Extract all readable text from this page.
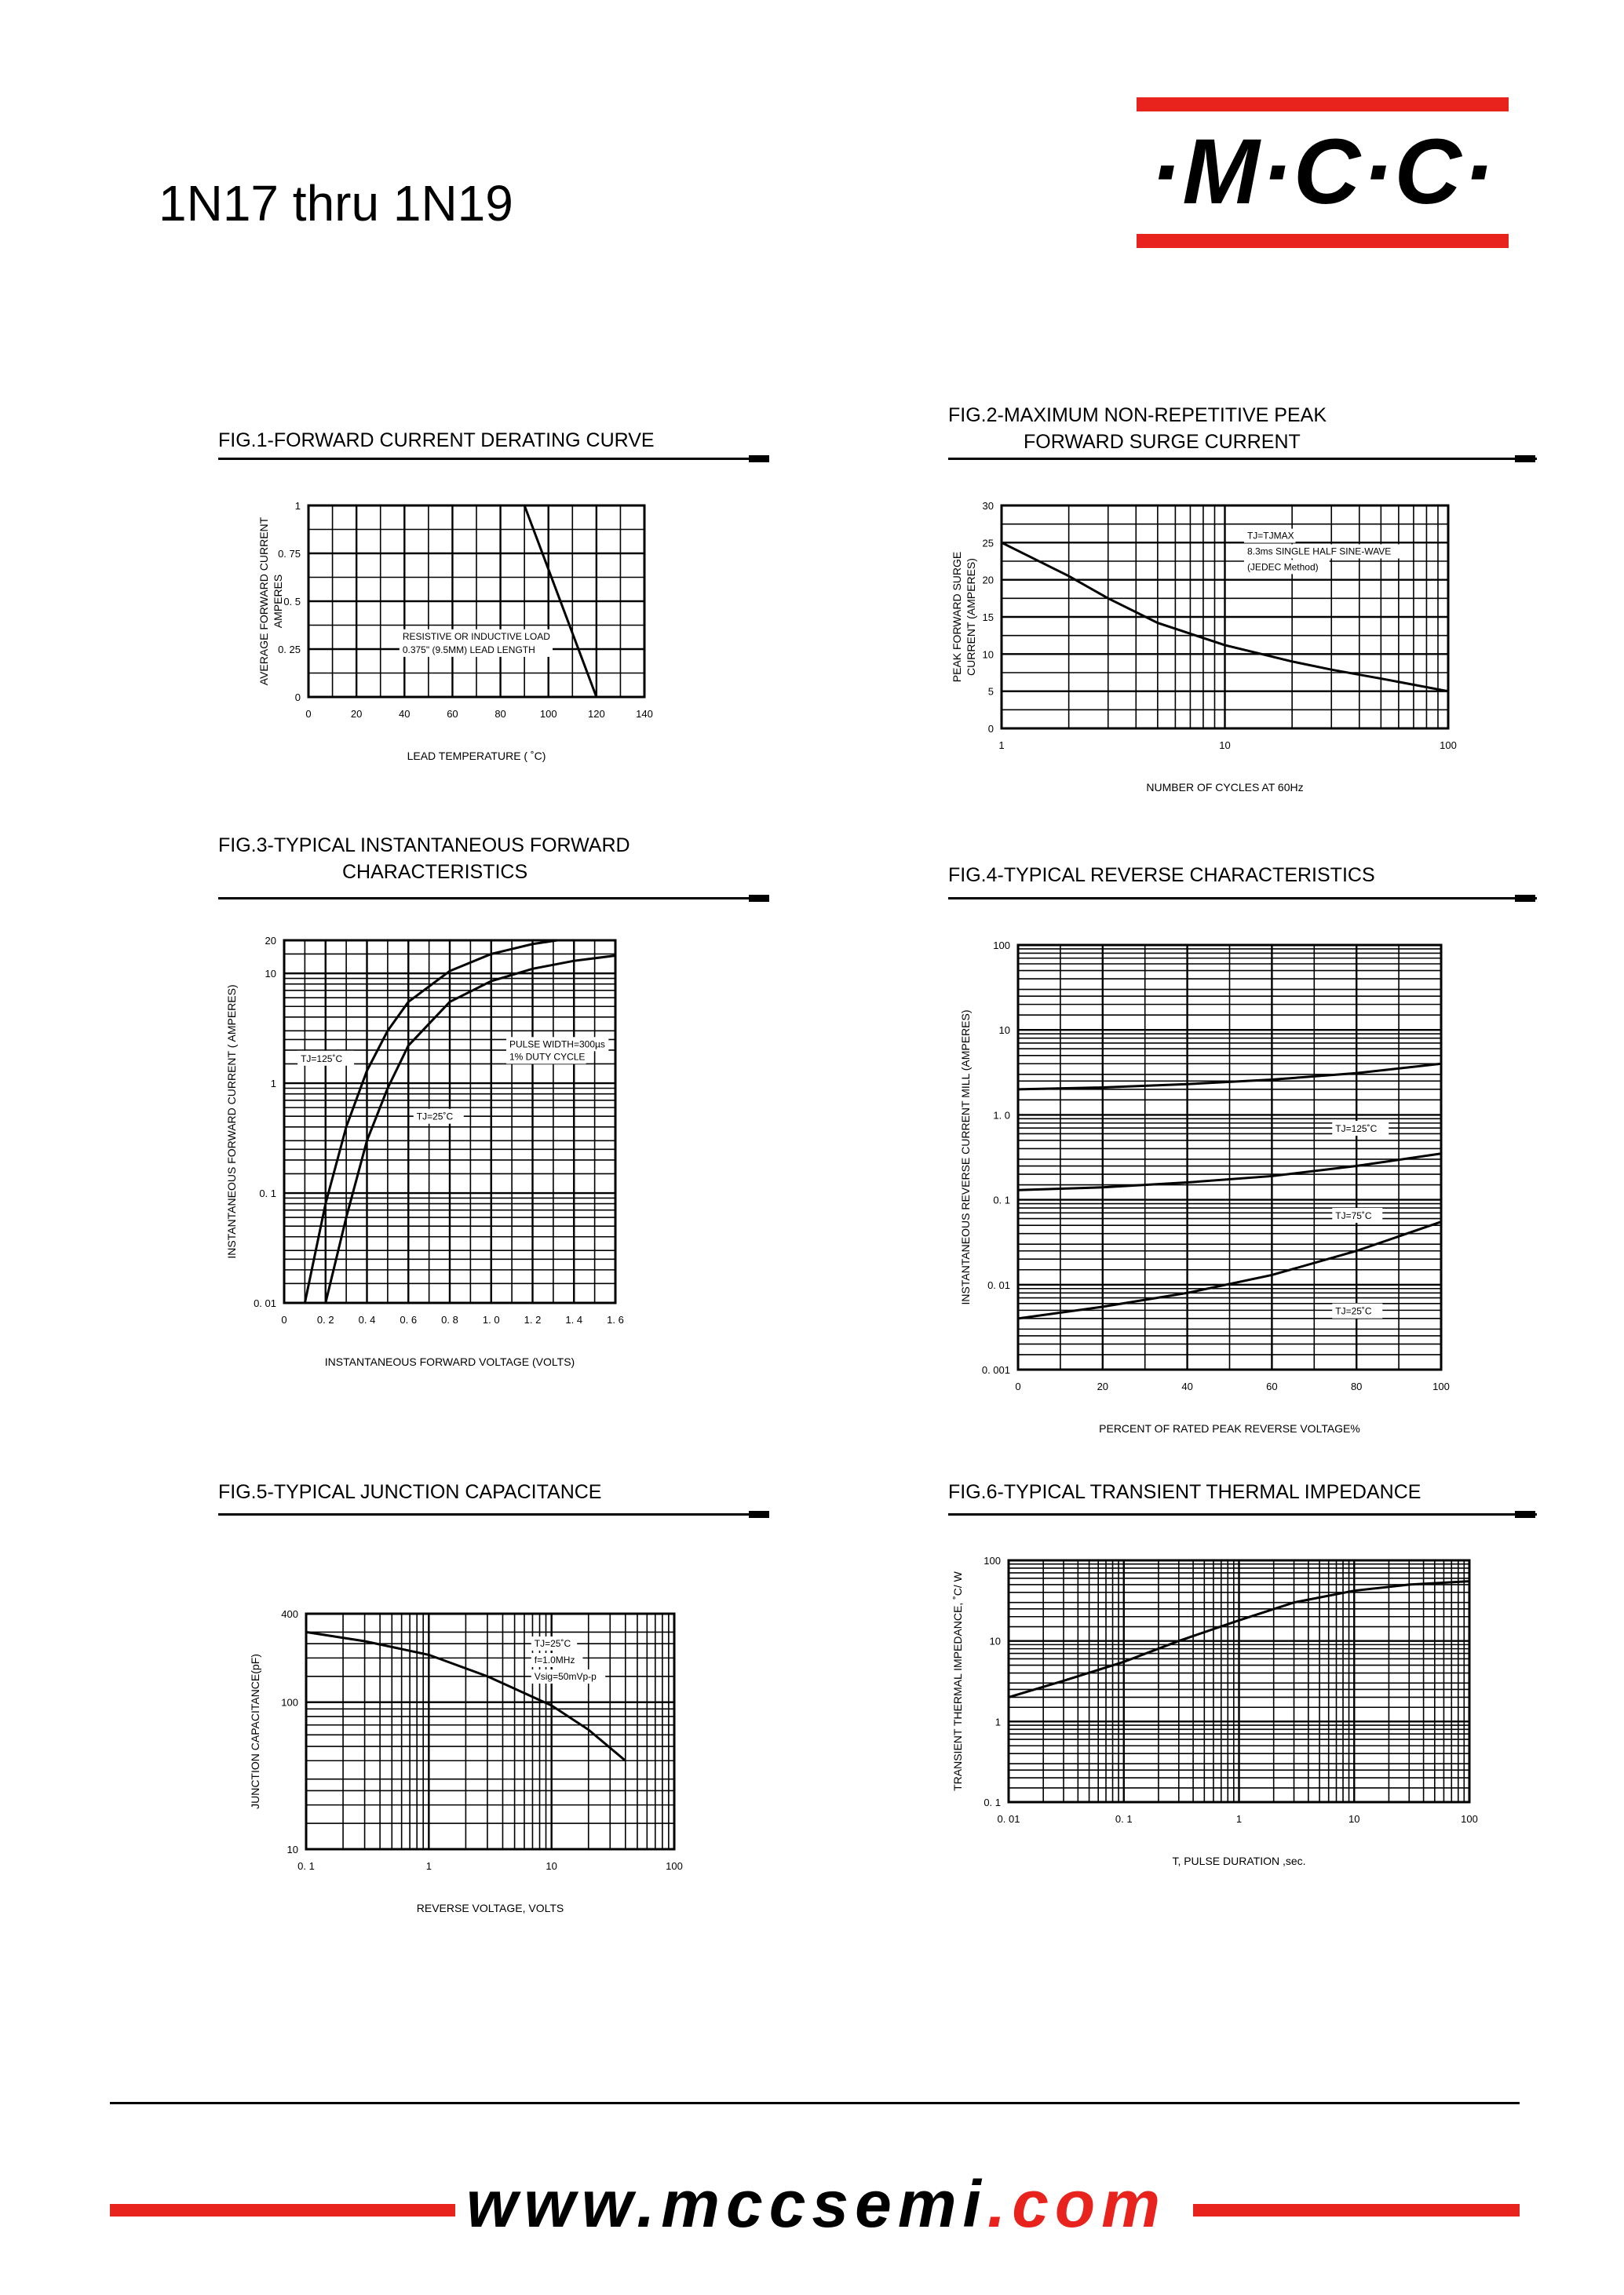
1N17 thru 1N19	·M·C·C·
FIG.1-FORWARD CURRENT DERATING CURVE
0	20	40	60	80	100	120	140
0
0. 25
0. 5
0. 75
1
LEAD TEMPERATURE ( ˚C)
AVERAGE FORWARD CURRENT AMPERES
RESISTIVE OR INDUCTIVE LOAD
0.375" (9.5MM) LEAD LENGTH
FIG.2-MAXIMUM NON-REPETITIVE PEAK
FORWARD SURGE CURRENT
1	10	100
0
5
10
15
20
25
30
NUMBER OF CYCLES AT 60Hz
PEAK FORWARD SURGE CURRENT (AMPERES)
TJ=TJMAX
8.3ms SINGLE HALF SINE-WAVE
(JEDEC Method)
FIG.3-TYPICAL INSTANTANEOUS FORWARD
CHARACTERISTICS
0	0. 2 0. 4 0. 6 0. 8 1. 0 1. 2 1. 4 1. 6
0. 01
0. 1
1
10
20
INSTANTANEOUS FORWARD VOLTAGE (VOLTS)
INSTANTANEOUS FORWARD CURRENT ( AMPERES)	TJ=125˚C
TJ=25˚C
PULSE WIDTH=300µs
1% DUTY CYCLE
FIG.4-TYPICAL REVERSE CHARACTERISTICS
0	20	40	60	80	100
0. 001
0. 01
0. 1
1. 0
10
100
PERCENT OF RATED PEAK REVERSE VOLTAGE%
INSTANTANEOUS REVERSE CURRENT MILL (AMPERES)	TJ=125˚C
TJ=75˚C
TJ=25˚C
FIG.5-TYPICAL JUNCTION CAPACITANCE
0. 1	1	10	100
10
100
400
REVERSE VOLTAGE, VOLTS
JUNCTION CAPACITANCE(pF)
TJ=25˚C
f=1.0MHz
Vsig=50mVp-p
FIG.6-TYPICAL TRANSIENT THERMAL IMPEDANCE
0. 01	0. 1	1	10	100
0. 1
1
10
100
T, PULSE DURATION ,sec.
TRANSIENT THERMAL IMPEDANCE, ˚C/ W
www.mccsemi.com
